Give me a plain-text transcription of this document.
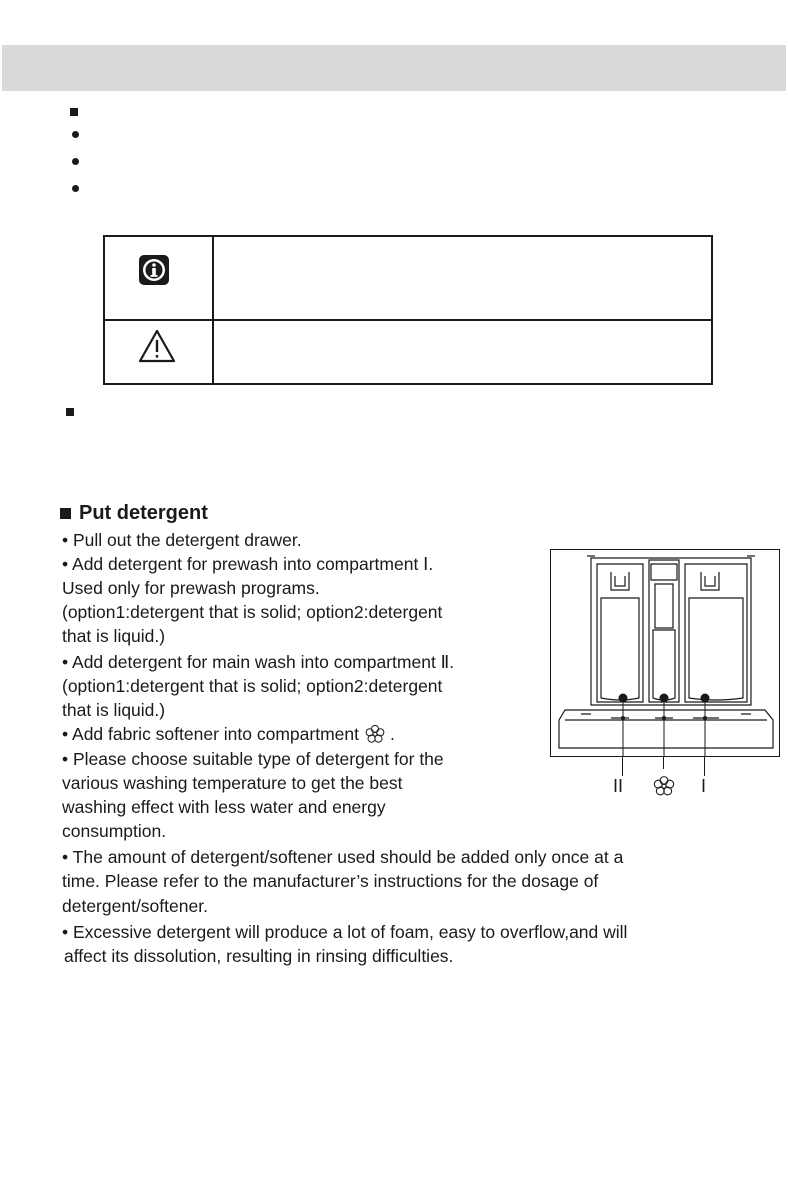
Put detergent
• Pull out the detergent drawer.
• Add detergent for prewash into compartment Ⅰ.
Used only for prewash programs.
(option1:detergent that is solid; option2:detergent
that is liquid.)
• Add detergent for main wash into compartment Ⅱ.
(option1:detergent that is solid; option2:detergent
that is liquid.)
• Add fabric softener into compartment .
• Please choose suitable type of detergent for the
various washing temperature to get the best
washing effect with less water and energy
consumption.
• The amount of detergent/softener used should be added only once at a
time. Please refer to the manufacturer’s instructions for the dosage of
detergent/softener.
• Excessive detergent will produce a lot of foam, easy to overflow,and will
affect its dissolution, resulting in rinsing difficulties.
II	I
